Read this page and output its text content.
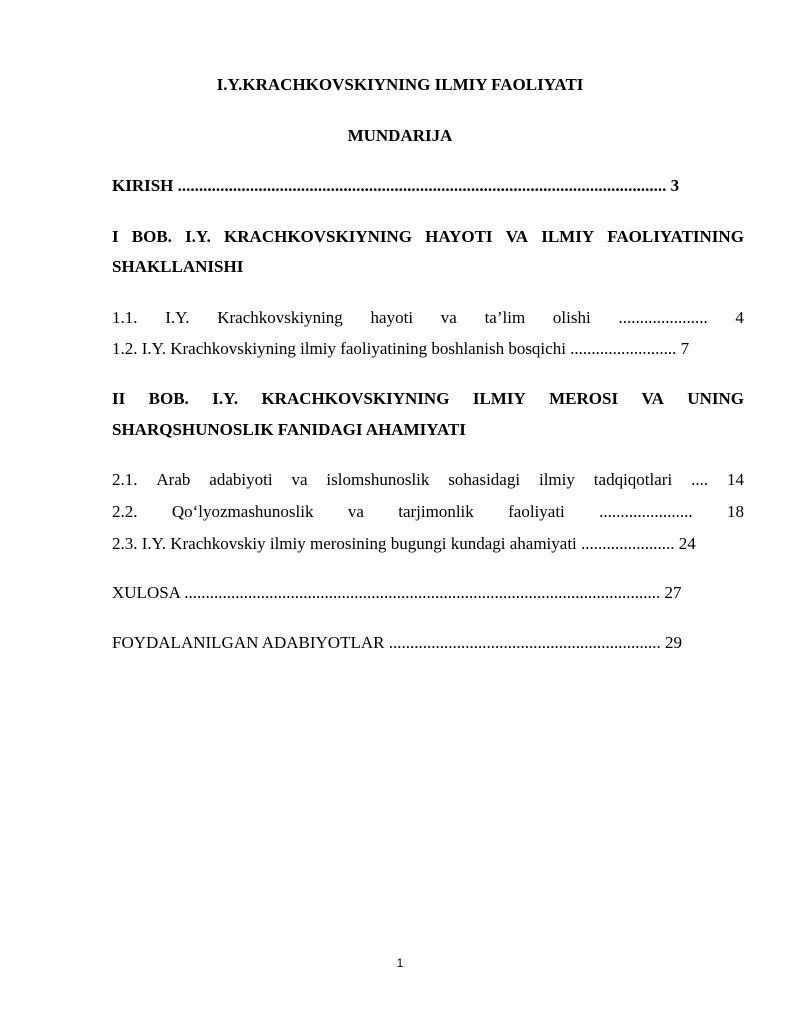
I.Y.KRACHKOVSKIYNING ILMIY FAOLIYATI
MUNDARIJA
KIRISH ................................................................................................................... 3
I BOB. I.Y. KRACHKOVSKIYNING HAYOTI VA ILMIY FAOLIYATINING
SHAKLLANISHI
1.1. I.Y. Krachkovskiyning hayoti va ta’lim olishi ..................... 4
1.2. I.Y. Krachkovskiyning ilmiy faoliyatining boshlanish bosqichi ......................... 7
II BOB. I.Y. KRACHKOVSKIYNING ILMIY MEROSI VA UNING
SHARQSHUNOSLIK FANIDAGI AHAMIYATI
2.1. Arab adabiyoti va islomshunoslik sohasidagi ilmiy tadqiqotlari .... 14
2.2. Qo‘lyozmashunoslik va tarjimonlik faoliyati ...................... 18
2.3. I.Y. Krachkovskiy ilmiy merosining bugungi kundagi ahamiyati ...................... 24
XULOSA ................................................................................................................ 27
FOYDALANILGAN ADABIYOTLAR ................................................................ 29
1
